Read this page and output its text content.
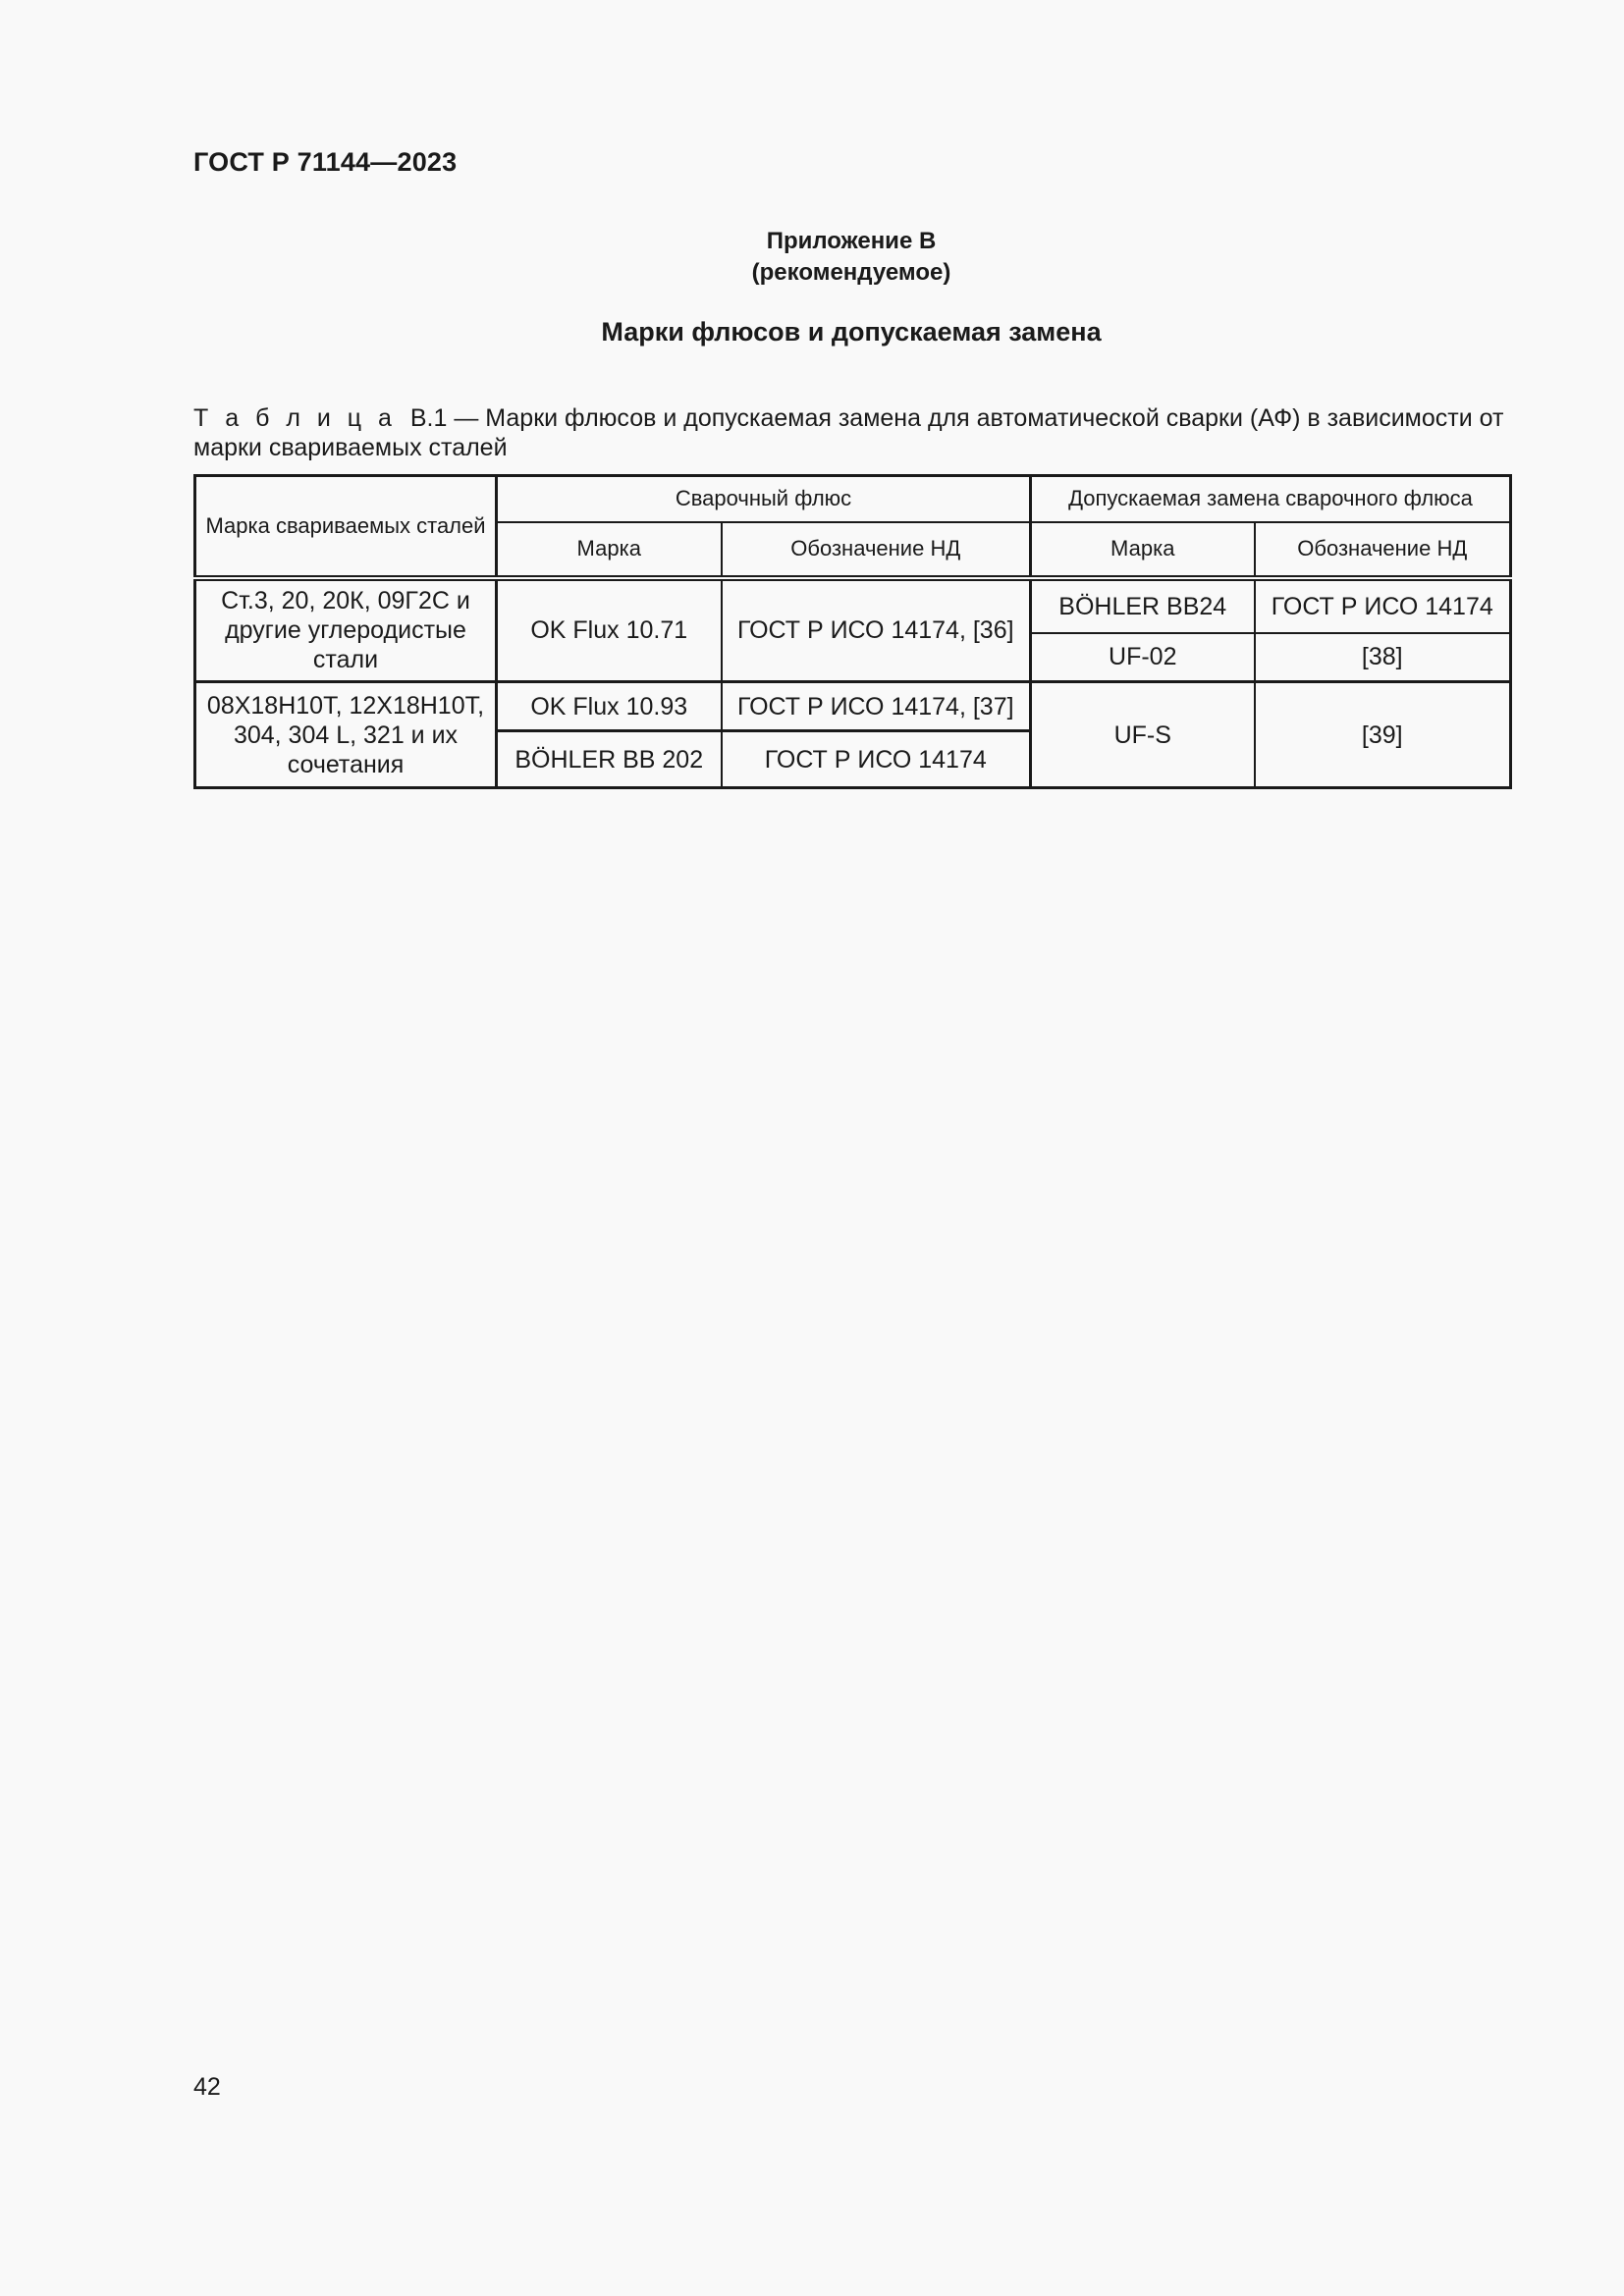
ГОСТ Р 71144—2023
Приложение В
(рекомендуемое)
Марки флюсов и допускаемая замена
Т а б л и ц а В.1 — Марки флюсов и допускаемая замена для автоматической сварки (АФ) в зависимости от марки свариваемых сталей
Марка свариваемых сталей	Сварочный флюс		Допускаемая замена сварочного флюса	
	Марка	Обозначение НД	Марка	Обозначение НД
Ст.3, 20, 20К, 09Г2С и другие углеродистые стали	OK Flux 10.71	ГОСТ Р ИСО 14174, [36]	BÖHLER BB24	ГОСТ Р ИСО 14174
			UF-02	[38]
08Х18Н10Т, 12Х18Н10Т, 304, 304 L, 321 и их сочетания	OK Flux 10.93	ГОСТ Р ИСО 14174, [37]	UF-S	[39]
	BÖHLER BB 202	ГОСТ Р ИСО 14174		
42
